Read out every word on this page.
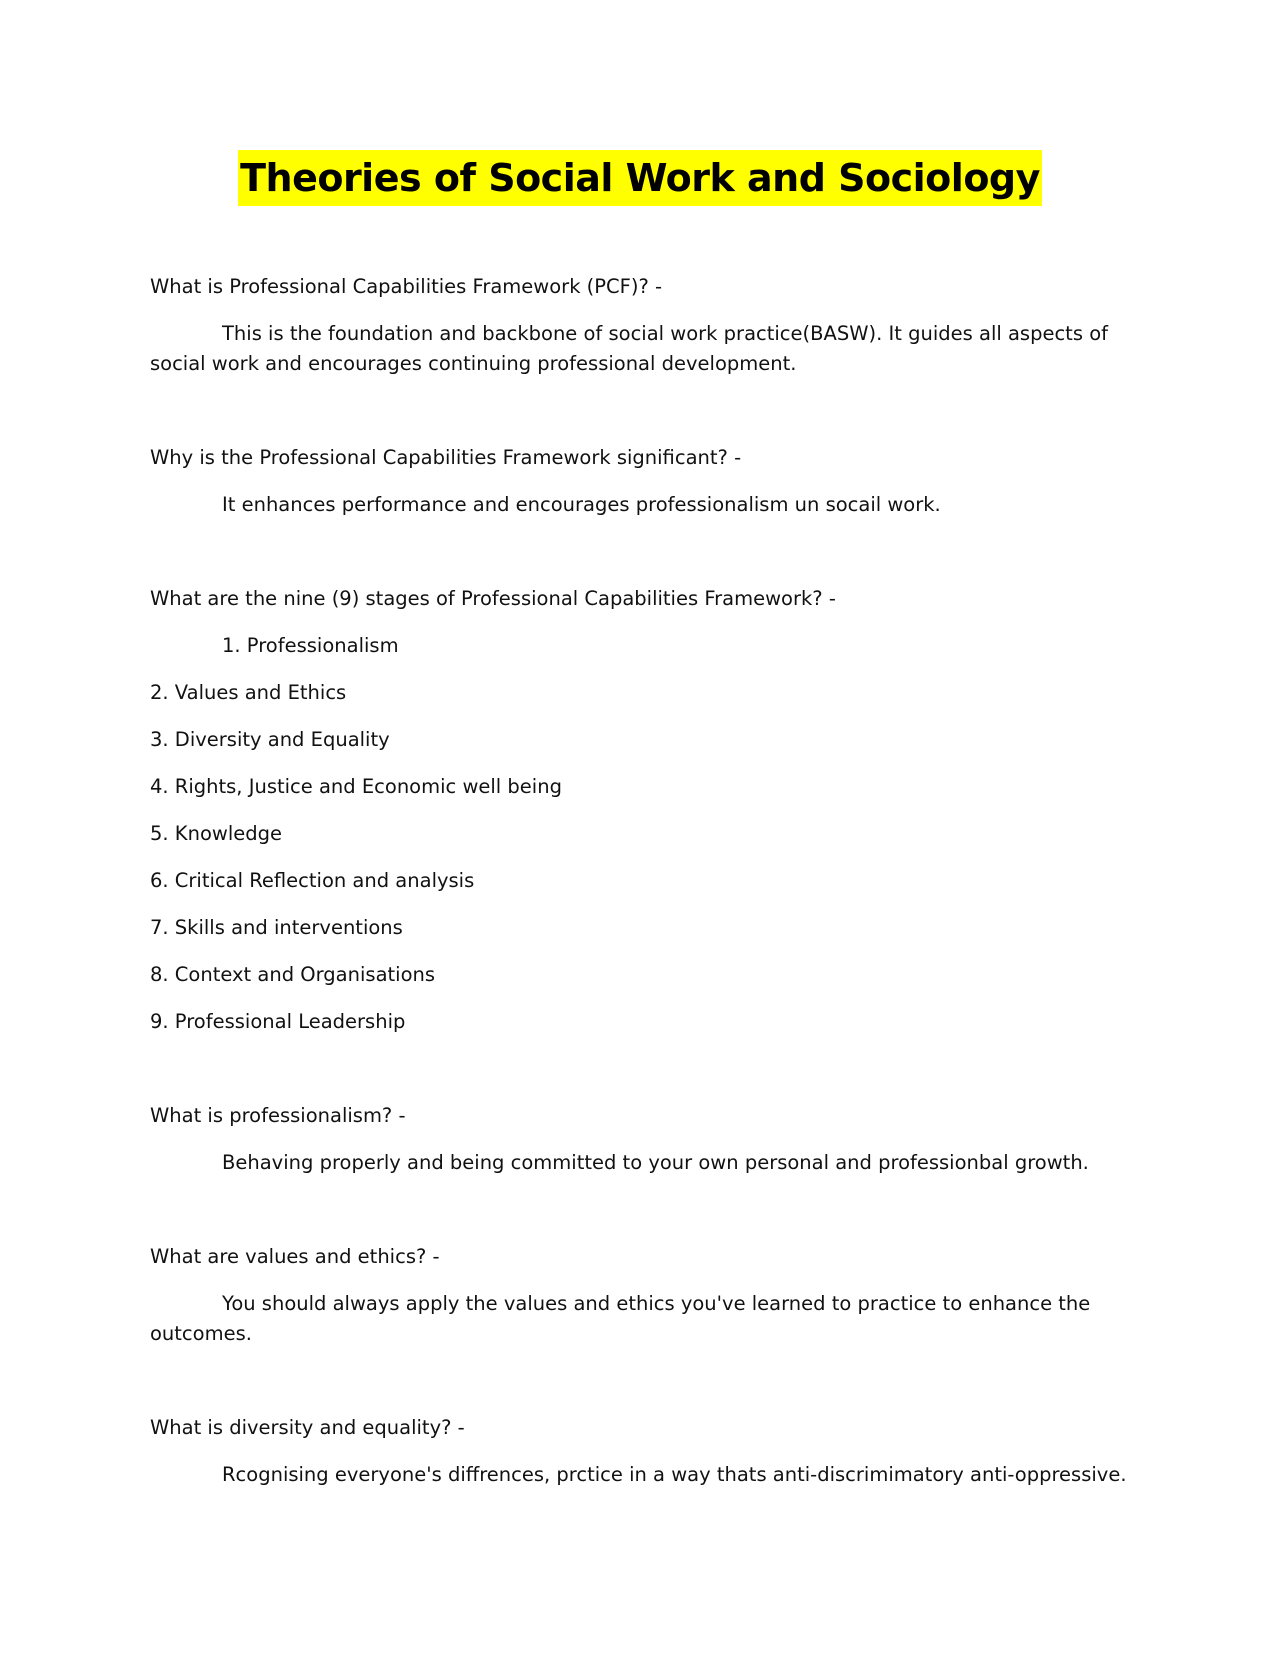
Theories of Social Work and Sociology

What is Professional Capabilities Framework (PCF)? -

This is the foundation and backbone of social work practice(BASW). It guides all aspects of social work and encourages continuing professional development.

Why is the Professional Capabilities Framework significant? -

It enhances performance and encourages professionalism un socail work.

What are the nine (9) stages of Professional Capabilities Framework? -

1. Professionalism

2. Values and Ethics

3. Diversity and Equality

4. Rights, Justice and Economic well being

5. Knowledge

6. Critical Reflection and analysis

7. Skills and interventions

8. Context and Organisations

9. Professional Leadership

What is professionalism? -

Behaving properly and being committed to your own personal and professionbal growth.

What are values and ethics? -

You should always apply the values and ethics you've learned to practice to enhance the outcomes.

What is diversity and equality? -

Rcognising everyone's diffrences, prctice in a way thats anti-discrimimatory anti-oppressive.
